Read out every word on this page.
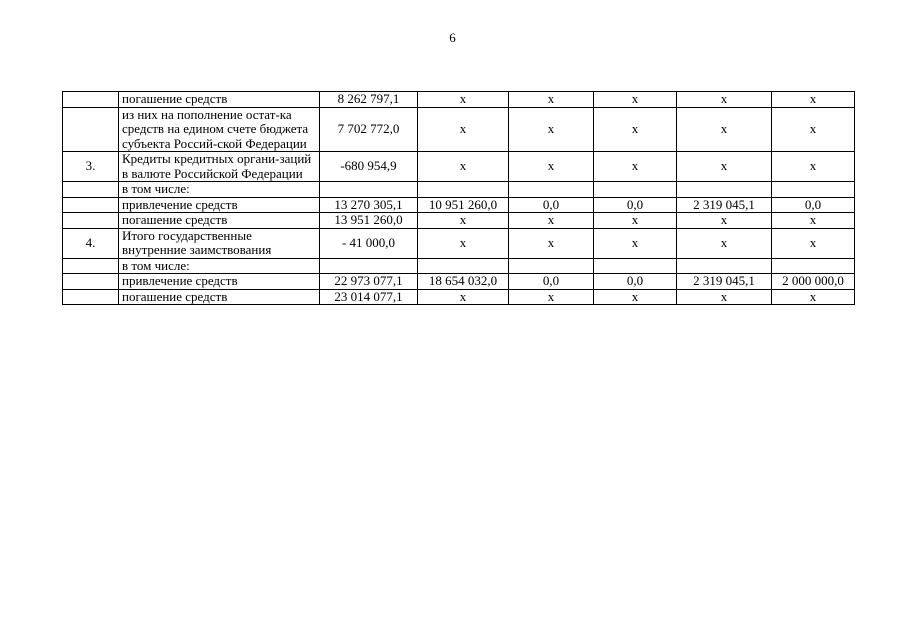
6
	погашение средств	8 262 797,1	х	х	х	х	х
	из них на пополнение остат-ка средств на едином счете бюджета субъекта Россий-ской Федерации	7 702 772,0	х	х	х	х	х
3.	Кредиты кредитных органи-заций в валюте Российской Федерации	-680 954,9	х	х	х	х	х
	в том числе:						
	привлечение средств	13 270 305,1	10 951 260,0	0,0	0,0	2 319 045,1	0,0
	погашение средств	13 951 260,0	х	х	х	х	х
4.	Итого государственные внутренние заимствования	- 41 000,0	х	х	х	х	х
	в том числе:						
	привлечение средств	22 973 077,1	18 654 032,0	0,0	0,0	2 319 045,1	2 000 000,0
	погашение средств	23 014 077,1	х	х	х	х	х
